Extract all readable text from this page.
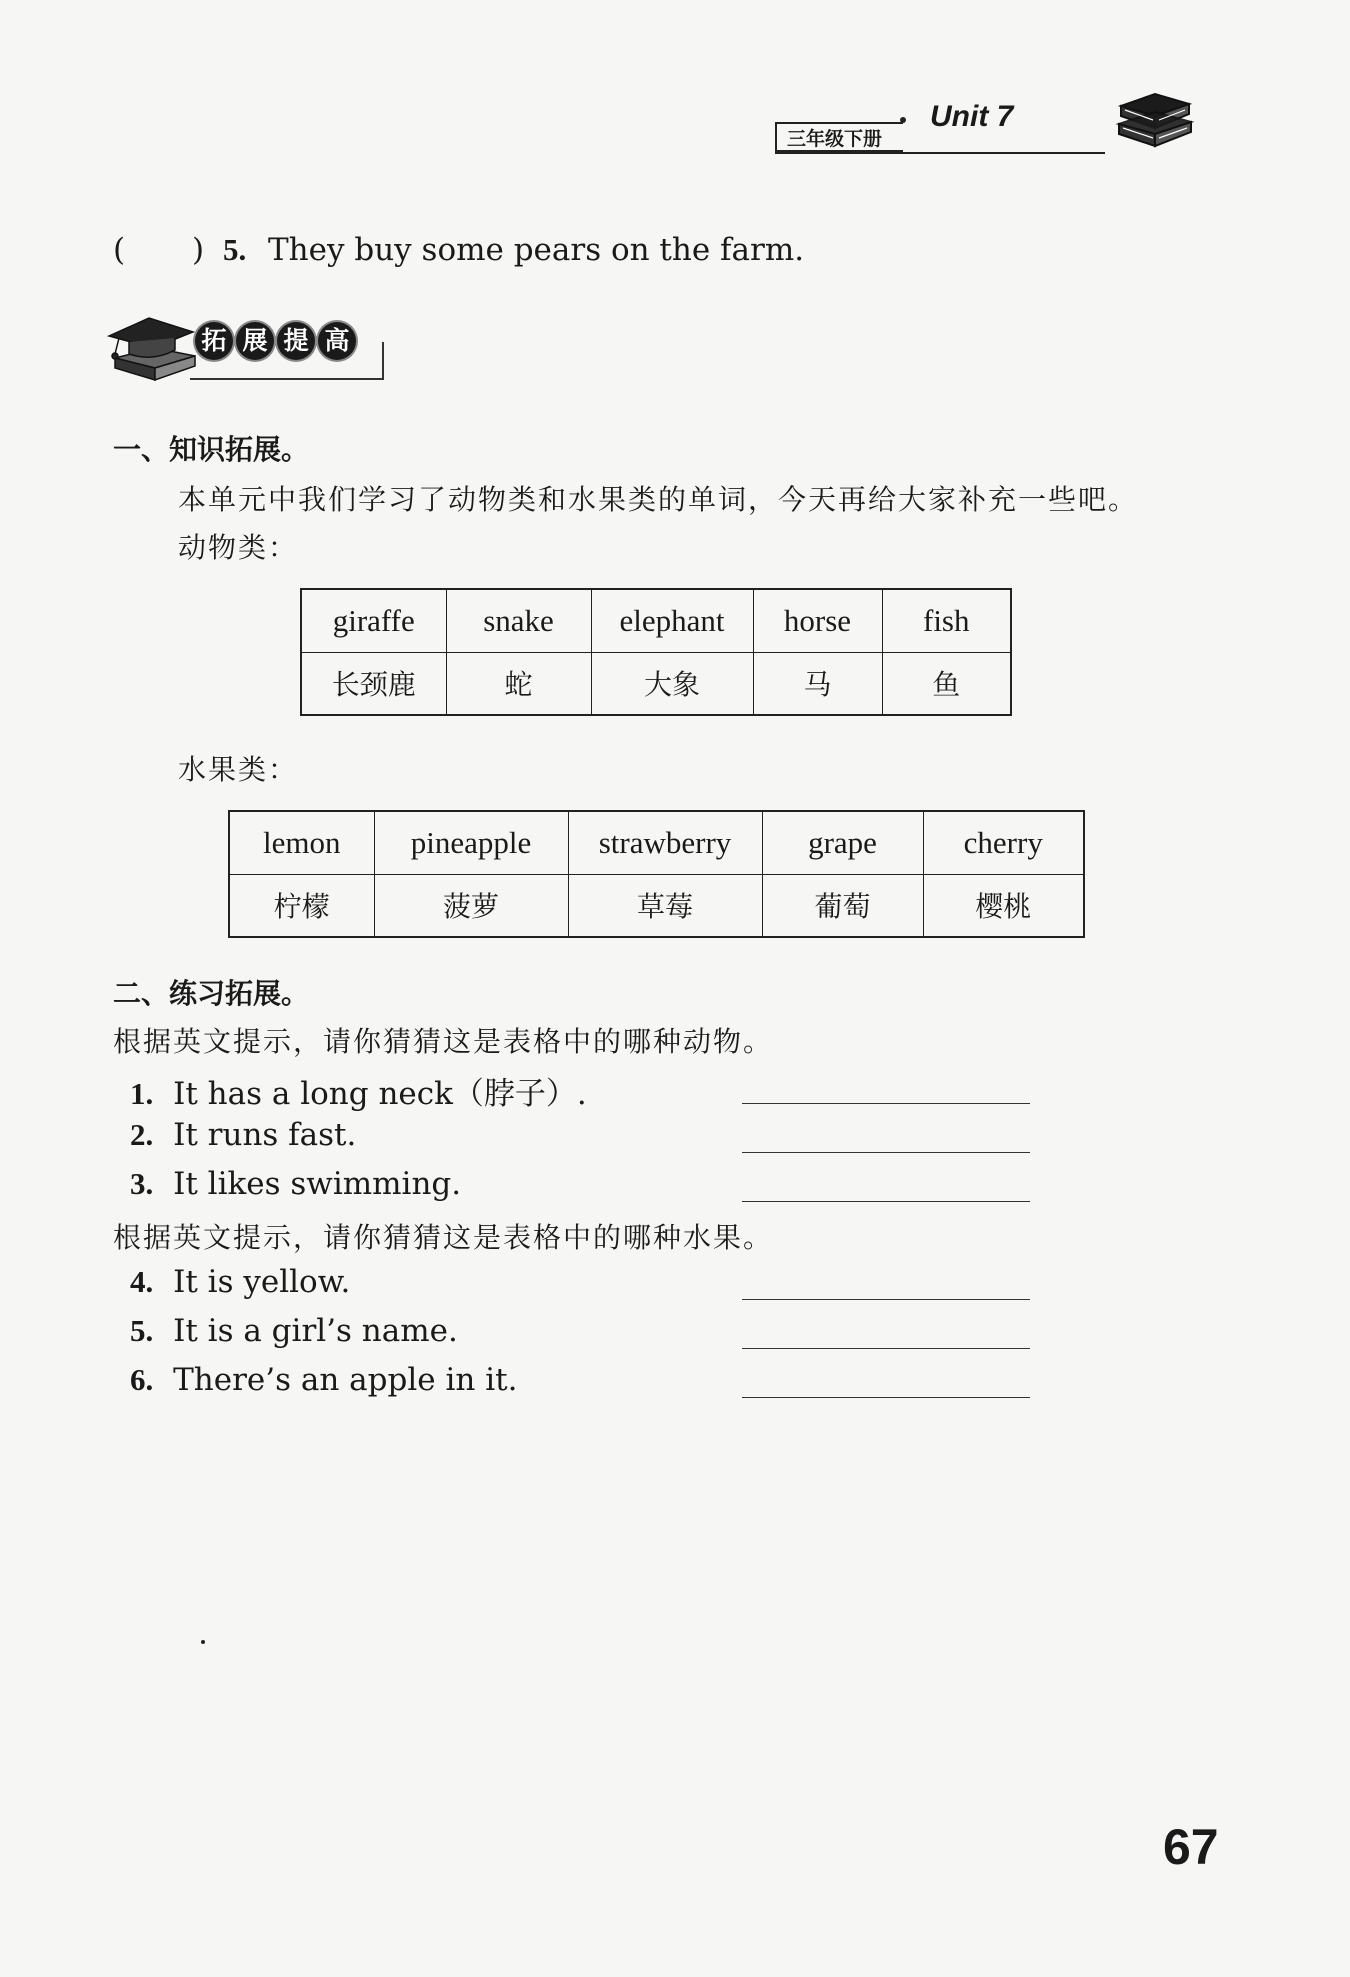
三年级下册
Unit 7
( ) 5. They buy some pears on the farm.
拓 展 提 高
一、知识拓展。
本单元中我们学习了动物类和水果类的单词，今天再给大家补充一些吧。
动物类：
giraffe	snake	elephant	horse	fish
长颈鹿	蛇	大象	马	鱼
水果类：
lemon	pineapple	strawberry	grape	cherry
柠檬	菠萝	草莓	葡萄	樱桃
二、练习拓展。
根据英文提示，请你猜猜这是表格中的哪种动物。
1. It has a long neck（脖子）.
2. It runs fast.
3. It likes swimming.
根据英文提示，请你猜猜这是表格中的哪种水果。
4. It is yellow.
5. It is a girl’s name.
6. There’s an apple in it.
67
